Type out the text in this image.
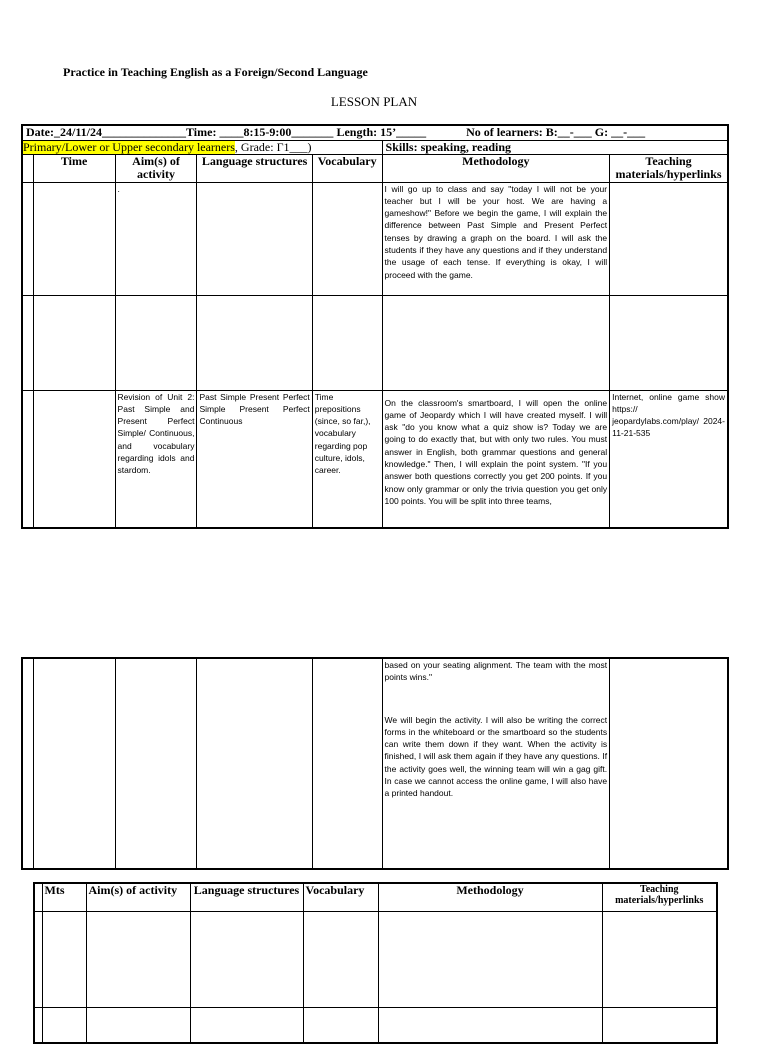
Practice in Teaching English as a Foreign/Second Language
LESSON PLAN
Date:_24/11/24______________Time: ____8:15-9:00_______ Length: 15’_____ No of learners: B:__-___ G: __-___						
Primary/Lower or Upper secondary learners, Grade: Γ1___)					Skills: speaking, reading	
	Time	Aim(s) of activity	Language structures	Vocabulary	Methodology	Teaching materials/hyperlinks
		.			I will go up to class and say "today I will not be your teacher but I will be your host. We are having a gameshow!" Before we begin the game, I will explain the difference between Past Simple and Present Perfect tenses by drawing a graph on the board. I will ask the students if they have any questions and if they understand the usage of each tense. If everything is okay, I will proceed with the game.	

		Revision of Unit 2: Past Simple and Present Perfect Simple/ Continuous, and vocabulary regarding idols and stardom.	Past Simple Present Perfect Simple Present Perfect Continuous	Time prepositions (since, so far,), vocabulary regarding pop culture, idols, career.	On the classroom's smartboard, I will open the online game of Jeopardy which I will have created myself. I will ask "do you know what a quiz show is? Today we are going to do exactly that, but with only two rules. You must answer in English, both grammar questions and general knowledge." Then, I will explain the point system. "If you answer both questions correctly you get 200 points. If you know only grammar or only the trivia question you get only 100 points. You will be split into three teams,	Internet, online game show https:// jeopardylabs.com/play/ 2024-11-21-535
					based on your seating alignment. The team with the most points wins."
We will begin the activity. I will also be writing the correct forms in the whiteboard or the smartboard so the students can write them down if they want. When the activity is finished, I will ask them again if they have any questions. If the activity goes well, the winning team will win a gag gift. In case we cannot access the online game, I will also have a printed handout.	
	Mts	Aim(s) of activity	Language structures	Vocabulary	Methodology	Teaching materials/hyperlinks
